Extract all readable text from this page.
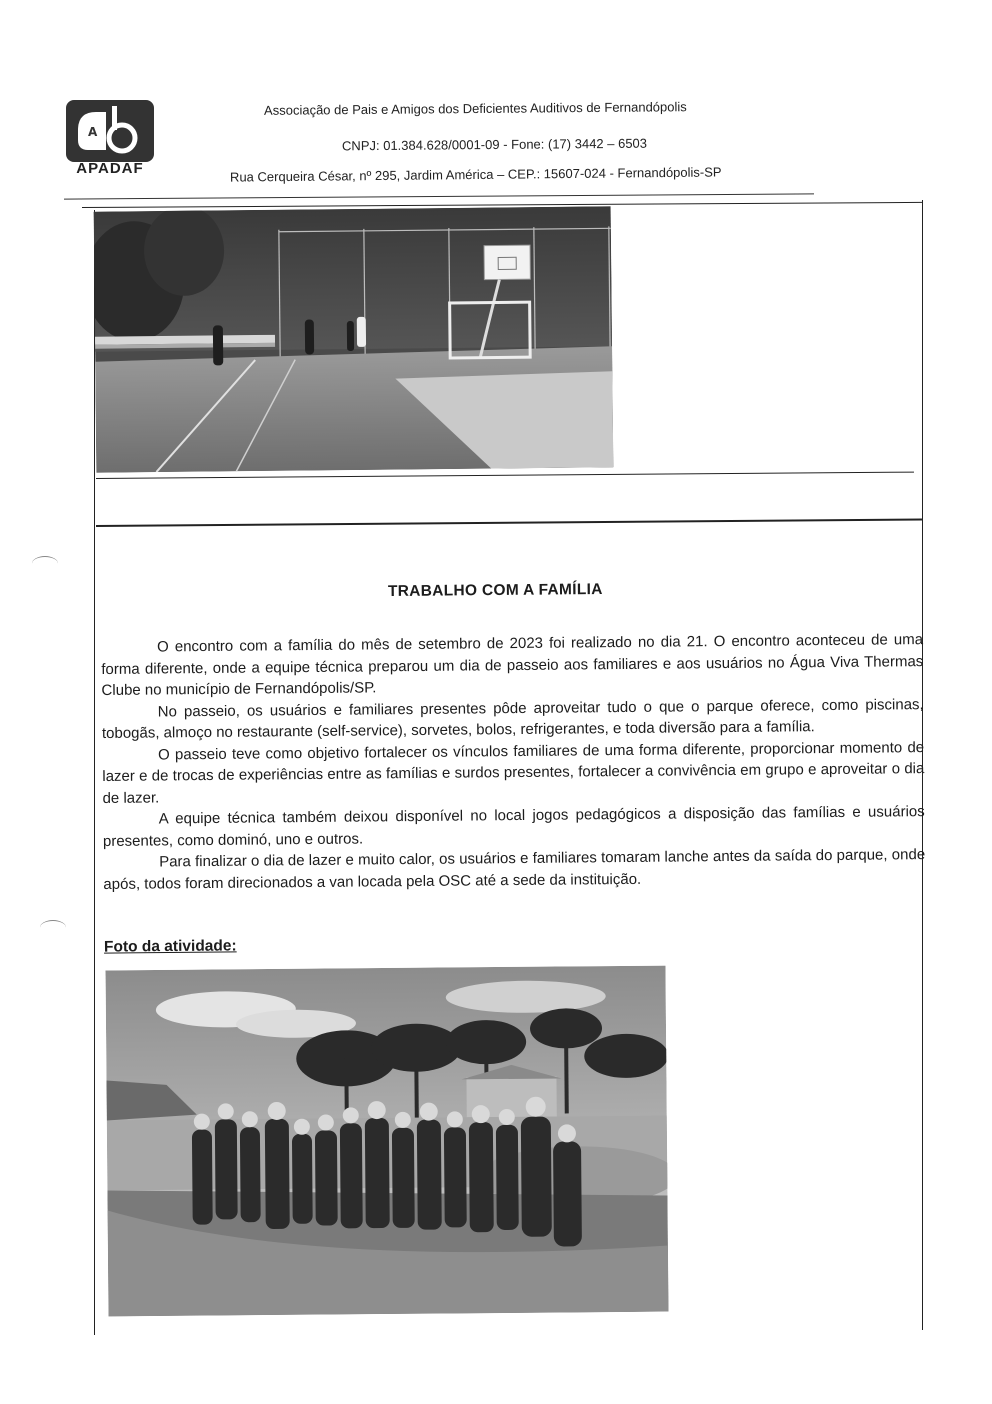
A
APADAF
Associação de Pais e Amigos dos Deficientes Auditivos de Fernandópolis
CNPJ: 01.384.628/0001-09 - Fone: (17) 3442 – 6503
Rua Cerqueira César, nº 295, Jardim América – CEP.: 15607-024 - Fernandópolis-SP
TRABALHO COM A FAMÍLIA

O encontro com a família do mês de setembro de 2023 foi realizado no dia 21. O encontro aconteceu de uma forma diferente, onde a equipe técnica preparou um dia de passeio aos familiares e aos usuários no Água Viva Thermas Clube no município de Fernandópolis/SP.

No passeio, os usuários e familiares presentes pôde aproveitar tudo o que o parque oferece, como piscinas, tobogãs, almoço no restaurante (self-service), sorvetes, bolos, refrigerantes, e toda diversão para a família.

O passeio teve como objetivo fortalecer os vínculos familiares de uma forma diferente, proporcionar momento de lazer e de trocas de experiências entre as famílias e surdos presentes, fortalecer a convivência em grupo e aproveitar o dia de lazer.

A equipe técnica também deixou disponível no local jogos pedagógicos a disposição das famílias e usuários presentes, como dominó, uno e outros.

Para finalizar o dia de lazer e muito calor, os usuários e familiares tomaram lanche antes da saída do parque, onde após, todos foram direcionados a van locada pela OSC até a sede da instituição.

Foto da atividade:
